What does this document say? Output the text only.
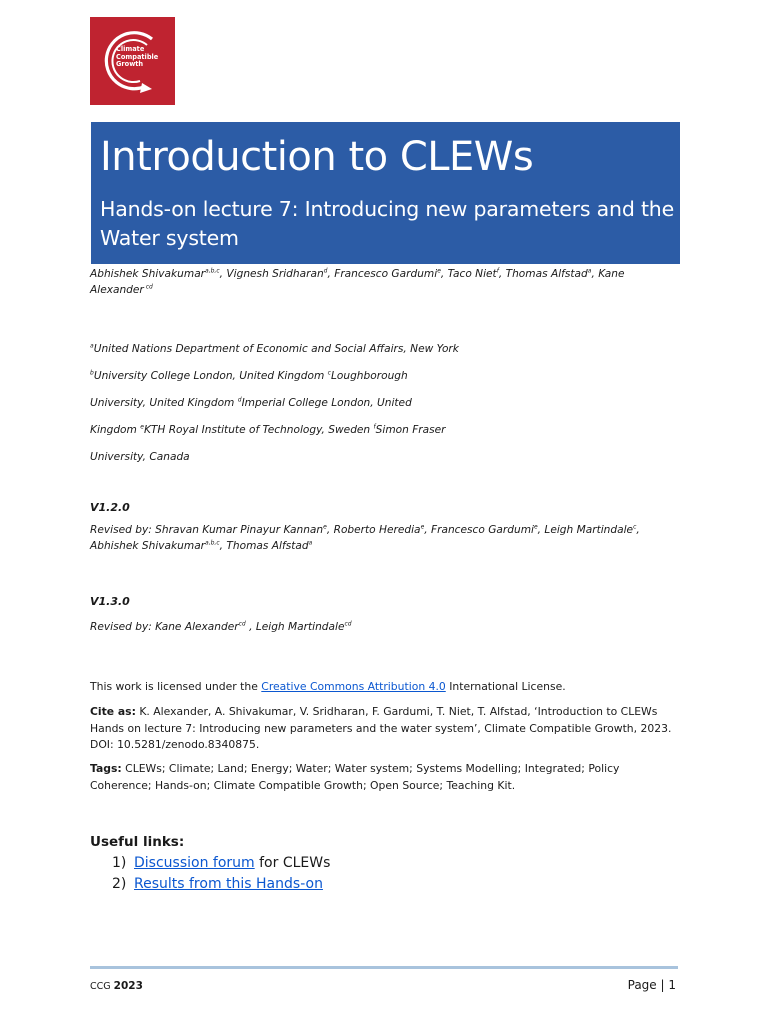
Climate
Compatible
Growth
Introduction to CLEWs
Hands-on lecture 7: Introducing new parameters and the Water system
Abhishek Shivakumar$^{a,b,c}$, Vignesh Sridharan$^d$, Francesco Gardumi$^e$, Taco Niet$^f$, Thomas Alfstad$^a$, Kane Alexander $^{cd}$
$^a$United Nations Department of Economic and Social Affairs, New York
$^b$University College London, United Kingdom $^c$Loughborough
University, United Kingdom $^d$Imperial College London, United
Kingdom $^e$KTH Royal Institute of Technology, Sweden $^f$Simon Fraser
University, Canada
V1.2.0
Revised by: Shravan Kumar Pinayur Kannan$^e$, Roberto Heredia$^e$, Francesco Gardumi$^e$, Leigh Martindale$^c$, Abhishek Shivakumar$^{a,b,c}$, Thomas Alfstad$^a$
V1.3.0
Revised by: Kane Alexander$^{cd}$ , Leigh Martindale$^{cd}$
This work is licensed under the Creative Commons Attribution 4.0 International License.
Cite as: K. Alexander, A. Shivakumar, V. Sridharan, F. Gardumi, T. Niet, T. Alfstad, ‘Introduction to CLEWs Hands on lecture 7: Introducing new parameters and the water system’, Climate Compatible Growth, 2023. DOI: 10.5281/zenodo.8340875.
Tags: CLEWs; Climate; Land; Energy; Water; Water system; Systems Modelling; Integrated; Policy Coherence; Hands-on; Climate Compatible Growth; Open Source; Teaching Kit.
Useful links:
1) Discussion forum for CLEWs
2) Results from this Hands-on
CCG 2023	Page | 1
